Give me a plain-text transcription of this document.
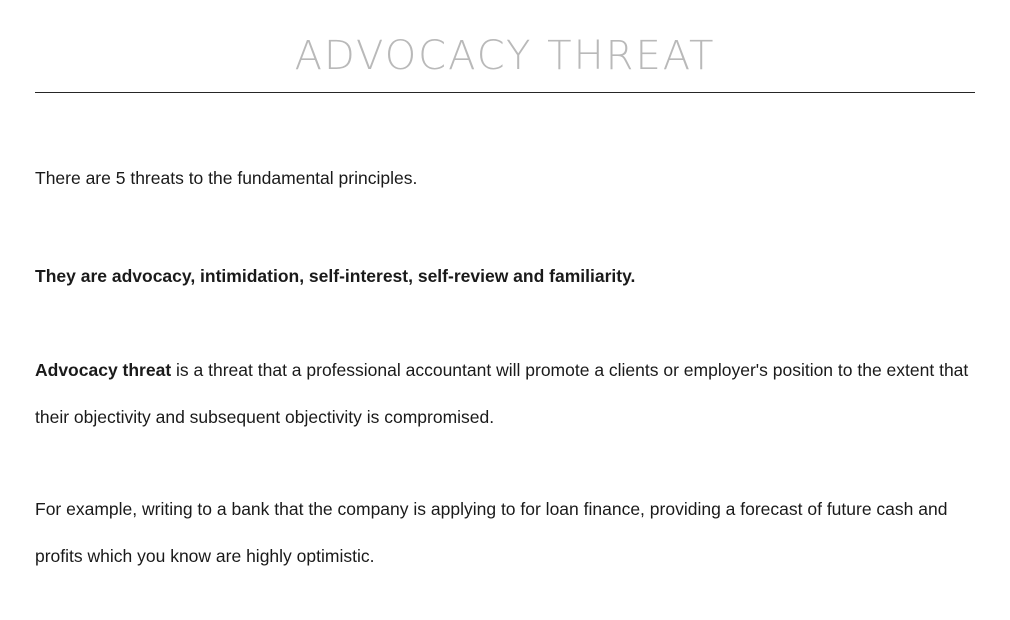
ADVOCACY THREAT

There are 5 threats to the fundamental principles.

They are advocacy, intimidation, self-interest, self-review and familiarity.

Advocacy threat is a threat that a professional accountant will promote a clients or employer's position to the extent that their objectivity and subsequent objectivity is compromised.

For example, writing to a bank that the company is applying to for loan finance, providing a forecast of future cash and profits which you know are highly optimistic.
